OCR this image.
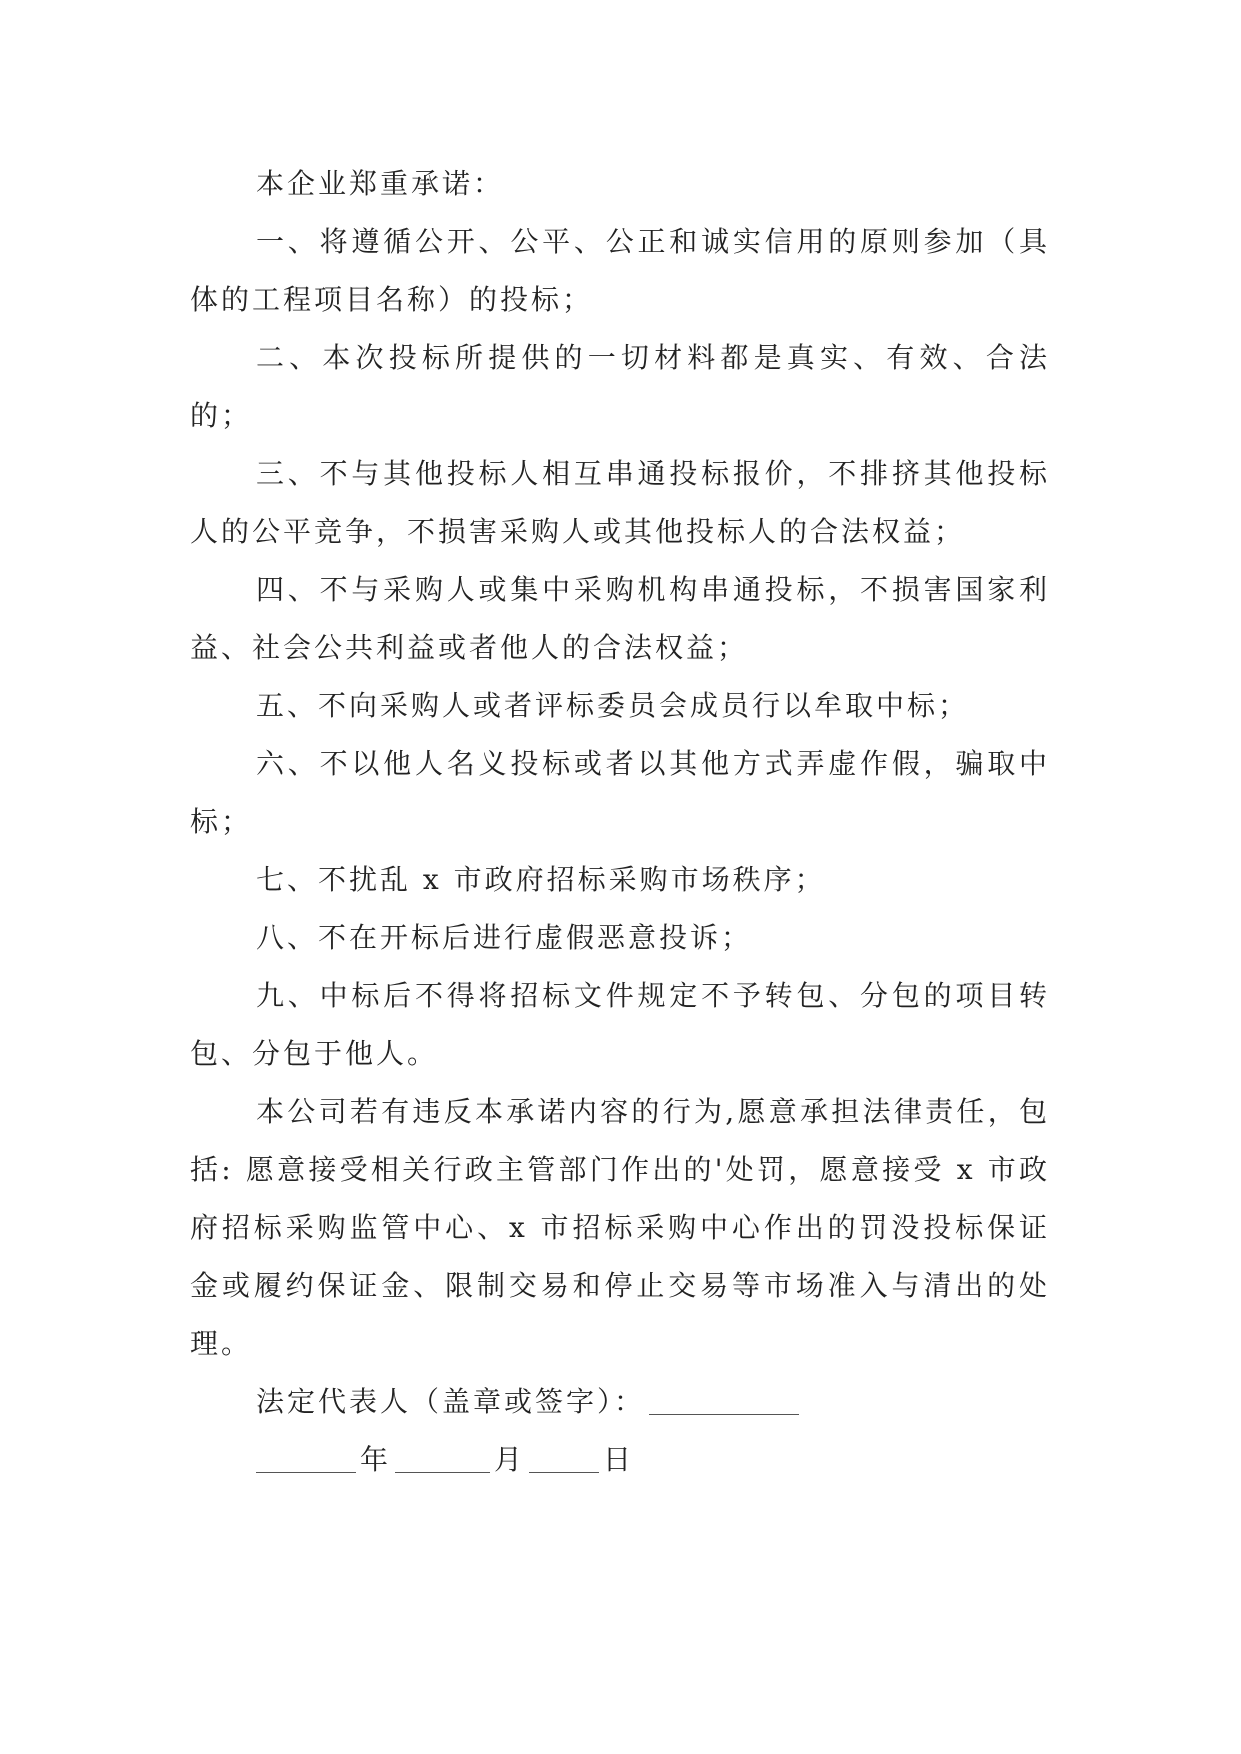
本企业郑重承诺：

一、将遵循公开、公平、公正和诚实信用的原则参加（具体的工程项目名称）的投标；

二、本次投标所提供的一切材料都是真实、有效、合法的；

三、不与其他投标人相互串通投标报价，不排挤其他投标人的公平竞争，不损害采购人或其他投标人的合法权益；

四、不与采购人或集中采购机构串通投标，不损害国家利益、社会公共利益或者他人的合法权益；

五、不向采购人或者评标委员会成员行以牟取中标；

六、不以他人名义投标或者以其他方式弄虚作假，骗取中标；

七、不扰乱 x 市政府招标采购市场秩序；

八、不在开标后进行虚假恶意投诉；

九、中标后不得将招标文件规定不予转包、分包的项目转包、分包于他人。

本公司若有违反本承诺内容的行为,愿意承担法律责任，包括: 愿意接受相关行政主管部门作出的'处罚，愿意接受 x 市政府招标采购监管中心、x 市招标采购中心作出的罚没投标保证金或履约保证金、限制交易和停止交易等市场准入与清出的处理。

法定代表人（盖章或签字）：

年	月	日
